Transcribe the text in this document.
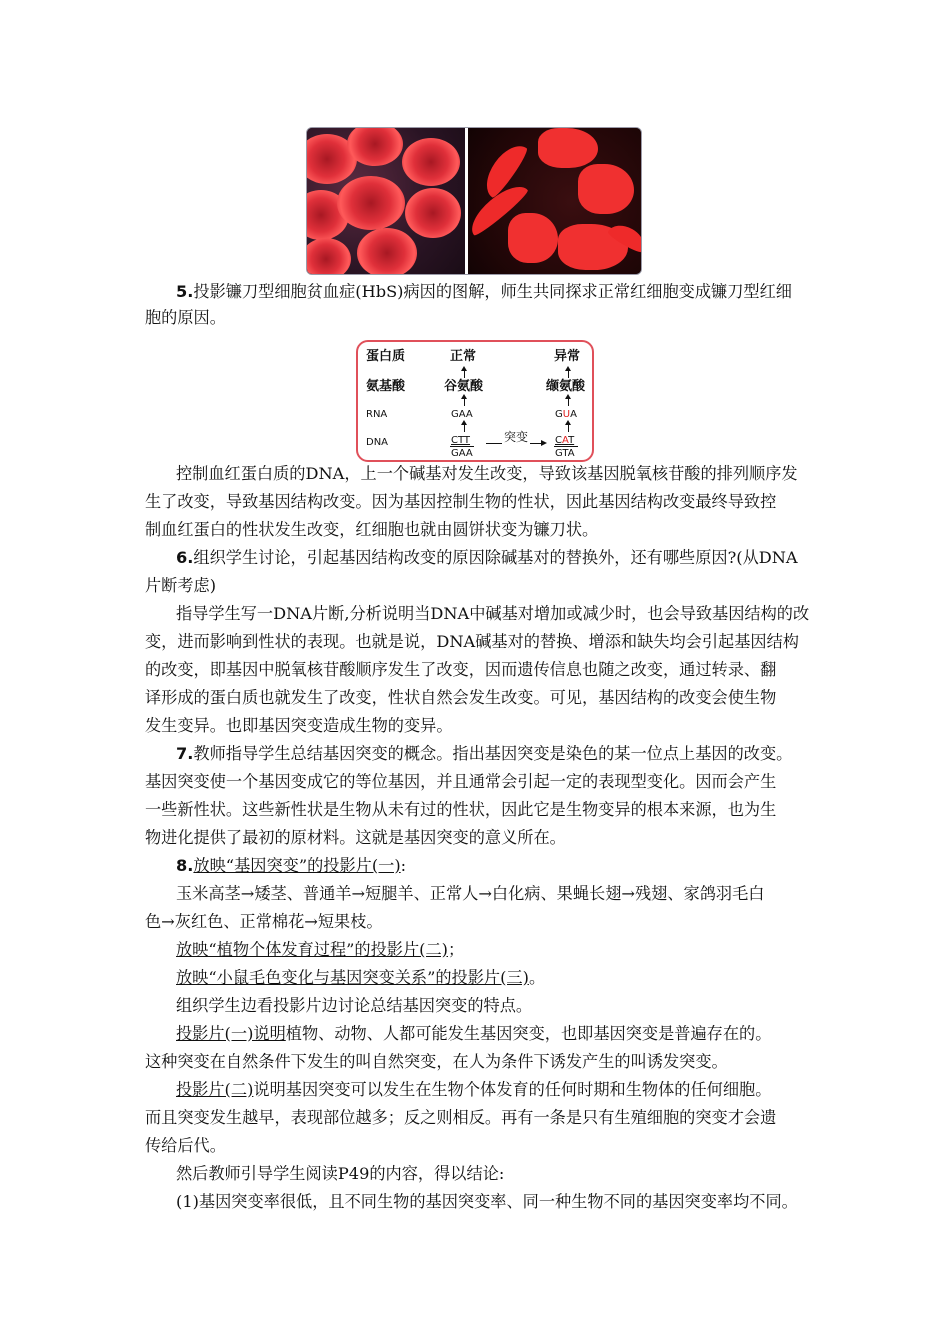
5.投影镰刀型细胞贫血症(HbS)病因的图解，师生共同探求正常红细胞变成镰刀型红细
胞的原因。
蛋白质
氨基酸
RNA
DNA
正常
谷氨酸
GAA
CTT
GAA
突变
异常
缬氨酸
GUA
CAT
GTA
控制血红蛋白质的DNA，上一个碱基对发生改变，导致该基因脱氧核苷酸的排列顺序发
生了改变，导致基因结构改变。因为基因控制生物的性状，因此基因结构改变最终导致控
制血红蛋白的性状发生改变，红细胞也就由圆饼状变为镰刀状。
6.组织学生讨论，引起基因结构改变的原因除碱基对的替换外，还有哪些原因?(从DNA
片断考虑)
指导学生写一DNA片断,分析说明当DNA中碱基对增加或减少时，也会导致基因结构的改
变，进而影响到性状的表现。也就是说，DNA碱基对的替换、增添和缺失均会引起基因结构
的改变，即基因中脱氧核苷酸顺序发生了改变，因而遗传信息也随之改变，通过转录、翻
译形成的蛋白质也就发生了改变，性状自然会发生改变。可见，基因结构的改变会使生物
发生变异。也即基因突变造成生物的变异。
7.教师指导学生总结基因突变的概念。指出基因突变是染色的某一位点上基因的改变。
基因突变使一个基因变成它的等位基因，并且通常会引起一定的表现型变化。因而会产生
一些新性状。这些新性状是生物从未有过的性状，因此它是生物变异的根本来源，也为生
物进化提供了最初的原材料。这就是基因突变的意义所在。
8.放映“基因突变”的投影片(一):
玉米高茎→矮茎、普通羊→短腿羊、正常人→白化病、果蝇长翅→残翅、家鸽羽毛白
色→灰红色、正常棉花→短果枝。
放映“植物个体发育过程”的投影片(二)；
放映“小鼠毛色变化与基因突变关系”的投影片(三)。
组织学生边看投影片边讨论总结基因突变的特点。
投影片(一)说明植物、动物、人都可能发生基因突变，也即基因突变是普遍存在的。
这种突变在自然条件下发生的叫自然突变，在人为条件下诱发产生的叫诱发突变。
投影片(二)说明基因突变可以发生在生物个体发育的任何时期和生物体的任何细胞。
而且突变发生越早，表现部位越多；反之则相反。再有一条是只有生殖细胞的突变才会遗
传给后代。
然后教师引导学生阅读P49的内容，得以结论:
(1)基因突变率很低，且不同生物的基因突变率、同一种生物不同的基因突变率均不同。
